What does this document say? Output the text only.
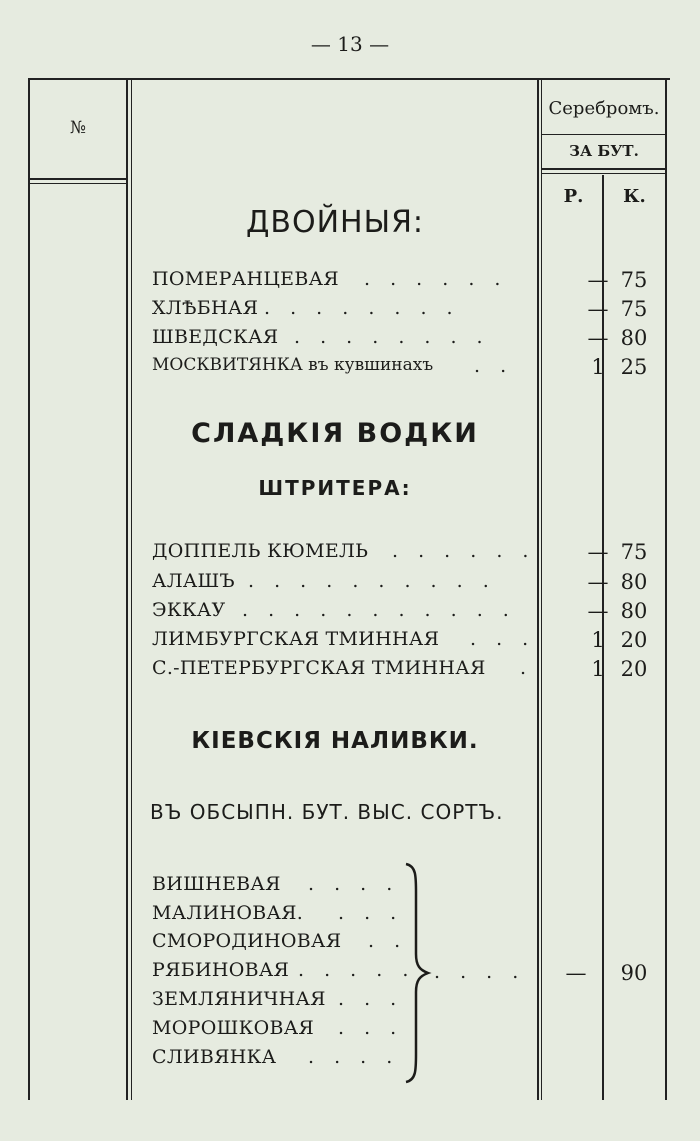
— 13 —
№
Серебромъ.
ЗА БУТ.
Р.	К.
ДВОЙНЫЯ:
ПОМЕРАНЦЕВАЯ . . . . . .	— 75
ХЛѢБНАЯ . . . . . . . .	— 75
ШВЕДСКАЯ . . . . . . . .	— 80
МОСКВИТЯНКА въ кувшинахъ . .	1 25
СЛАДКІЯ ВОДКИ
ШТРИТЕРА:
ДОППЕЛЬ КЮМЕЛЬ . . . . . .	— 75
АЛАШЪ . . . . . . . . . .	— 80
ЭККАУ . . . . . . . . . . .	— 80
ЛИМБУРГСКАЯ ТМИННАЯ . . .	1 20
С.-ПЕТЕРБУРГСКАЯ ТМИННАЯ .	1 20
КІЕВСКІЯ НАЛИВКИ.
ВЪ ОБСЫПН. БУТ. ВЫС. СОРТЪ.
ВИШНЕВАЯ . . . .
МАЛИНОВАЯ. . . .
СМОРОДИНОВАЯ . .
РЯБИНОВАЯ . . . . .
ЗЕМЛЯНИЧНАЯ . . .
МОРОШКОВАЯ . . .
СЛИВЯНКА . . . .
. . . .	—	90
